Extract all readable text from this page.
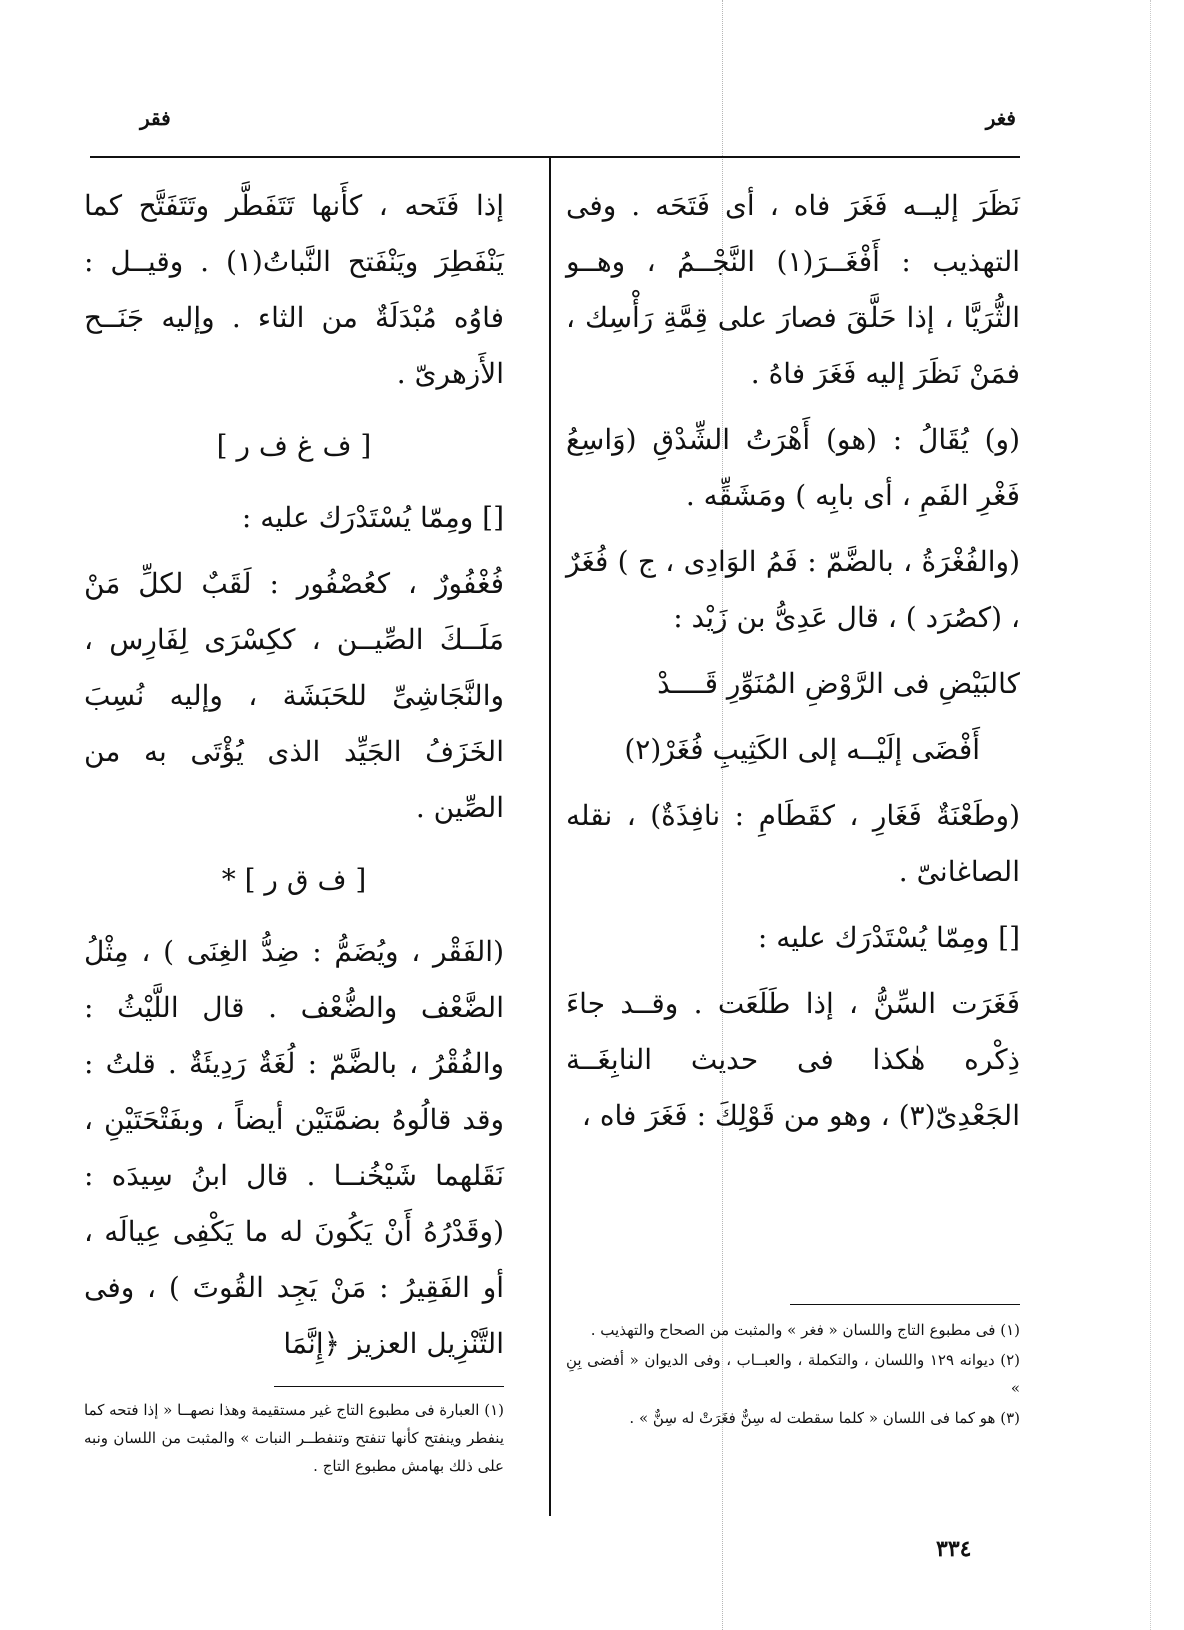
فغر
فقر

نَظَرَ إليــه فَغَرَ فاه ، أى فَتَحَه . وفى التهذيب : أَفْغَــرَ(١) النَّجْــمُ ، وهــو الثُّرَيَّا ، إذا حَلَّقَ فصارَ على قِمَّةِ رَأْسِك ، فمَنْ نَظَرَ إليه فَغَرَ فاهُ .

(و) يُقَالُ : (هو) أَهْرَتُ الشِّدْقِ (وَاسِعُ فَغْرِ الفَمِ ، أى بابِه ) ومَشَقِّه .

(والفُغْرَةُ ، بالضَّمّ : فَمُ الوَادِى ، ج ) فُغَرٌ ، (كصُرَد ) ، قال عَدِىُّ بن زَيْد :

كالبَيْضِ فى الرَّوْضِ المُنَوِّرِ قَــــدْ

أَفْضَى إلَيْــه إلى الكَثِيبِ فُغَرْ(٢)

(وطَعْنَةٌ فَغَارِ ، كقَطَامِ : نافِذَةٌ) ، نقله الصاغانىّ .

[] ومِمّا يُسْتَدْرَك عليه :

فَغَرَت السِّنُّ ، إذا طَلَعَت . وقــد جاءَ ذِكْره هٰكذا فى حديث النابِغَــة الجَعْدِىّ(٣) ، وهو من قَوْلِكَ : فَغَرَ فاه ،

(١) فى مطبوع التاج واللسان « فغر » والمثبت من الصحاح والتهذيب .

(٢) ديوانه ١٢٩ واللسان ، والتكملة ، والعبــاب ، وفى الديوان « أفضى بِنِ »

(٣) هو كما فى اللسان « كلما سقطت له سِنٌّ فغَرَتْ له سِنٌّ » .

إذا فَتَحه ، كأَنها تَتَفَطَّر وتَتَفَتَّح كما يَنْفَطِرَ ويَنْفَتح النَّباتُ(١) . وقيــل : فاوُه مُبْدَلَةٌ من الثاء . وإليه جَنَــح الأَزهرىّ .

[ ف غ ف ر ]

[] ومِمّا يُسْتَدْرَك عليه :

فُغْفُورٌ ، كعُصْفُور : لَقَبٌ لكلِّ مَنْ مَلَــكَ الصِّيــن ، ككِسْرَى لِفَارِس ، والنَّجَاشِىِّ للحَبَشَة ، وإليه نُسِبَ الخَزَفُ الجَيِّد الذى يُؤْتَى به من الصِّين .

[ ف ق ر ] *

(الفَقْر ، ويُضَمُّ : ضِدُّ الغِنَى ) ، مِثْلُ الضَّعْف والضُّعْف . قال اللَّيْثُ : والفُقْرُ ، بالضَّمّ : لُغَةٌ رَدِيئَةٌ . قلتُ : وقد قالُوهُ بضمَّتَيْن أيضاً ، وبفَتْحَتَيْنِ ، نَقَلهما شَيْخُنــا . قال ابنُ سِيدَه : (وقَدْرُهُ أَنْ يَكُونَ له ما يَكْفِى عِيالَه ، أو الفَقِيرُ : مَنْ يَجِد القُوتَ ) ، وفى التَّنْزِيل العزيز ﴿إِنَّمَا

(١) العبارة فى مطبوع التاج غير مستقيمة وهذا نصهــا « إذا فتحه كما ينفطر وينفتح كأنها تنفتح وتنفطــر النبات » والمثبت من اللسان ونبه على ذلك بهامش مطبوع التاج .

٣٣٤
